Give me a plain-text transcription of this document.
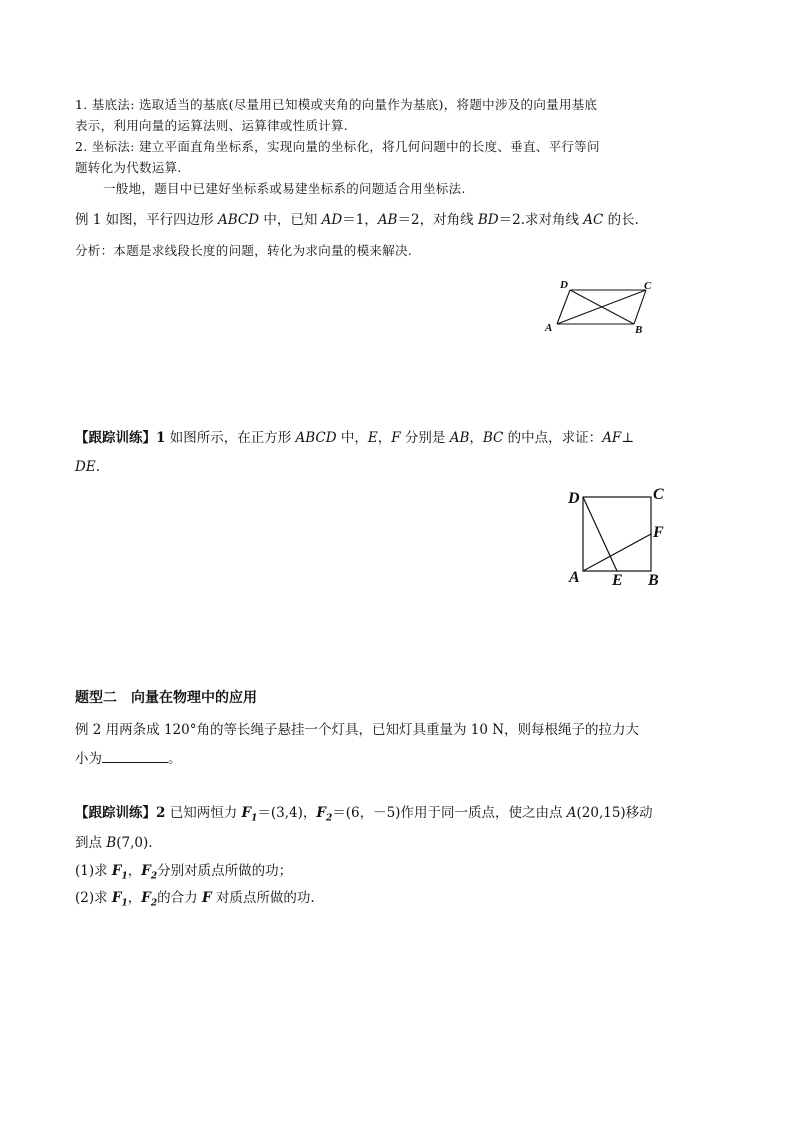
1. 基底法: 选取适当的基底(尽量用已知模或夹角的向量作为基底)，将题中涉及的向量用基底
表示，利用向量的运算法则、运算律或性质计算.
2. 坐标法: 建立平面直角坐标系，实现向量的坐标化，将几何问题中的长度、垂直、平行等问
题转化为代数运算.
一般地，题目中已建好坐标系或易建坐标系的问题适合用坐标法.
例 1 如图，平行四边形 ABCD 中，已知 AD＝1，AB＝2，对角线 BD＝2.求对角线 AC 的长.
分析：本题是求线段长度的问题，转化为求向量的模来解决.
A	B
C
D
【跟踪训练】1 如图所示，在正方形 ABCD 中，E，F 分别是 AB，BC 的中点，求证：AF⊥
DE.
A	B
C
D
E
F
题型二　向量在物理中的应用
例 2 用两条成 120°角的等长绳子悬挂一个灯具，已知灯具重量为 10 N，则每根绳子的拉力大
小为	。
【跟踪训练】2 已知两恒力 $F_1=(3,4)$，$F_2=(6$，－5)作用于同一质点，使之由点 A(20,15)移动
到点 B(7,0).
(1)求 $F_1$，$F_2$分别对质点所做的功；
(2)求 $F_1$，$F_2$的合力 F 对质点所做的功.
